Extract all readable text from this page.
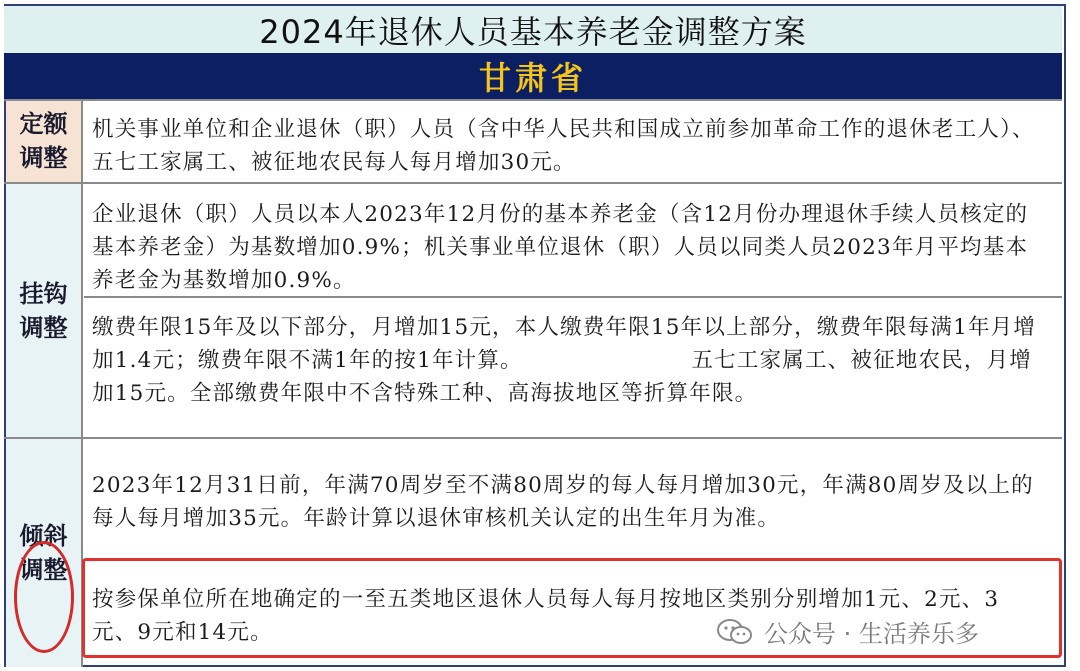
2024年退休人员基本养老金调整方案
甘肃省
定额调整
挂钩调整
倾斜调整
机关事业单位和企业退休（职）人员（含中华人民共和国成立前参加革命工作的退休老工人）、五七工家属工、被征地农民每人每月增加30元。
企业退休（职）人员以本人2023年12月份的基本养老金（含12月份办理退休手续人员核定的基本养老金）为基数增加0.9%；机关事业单位退休（职）人员以同类人员2023年月平均基本养老金为基数增加0.9%。
缴费年限15年及以下部分，月增加15元，本人缴费年限15年以上部分，缴费年限每满1年月增加1.4元；缴费年限不满1年的按1年计算。                     五七工家属工、被征地农民，月增加15元。全部缴费年限中不含特殊工种、高海拔地区等折算年限。
2023年12月31日前，年满70周岁至不满80周岁的每人每月增加30元，年满80周岁及以上的每人每月增加35元。年龄计算以退休审核机关认定的出生年月为准。
按参保单位所在地确定的一至五类地区退休人员每人每月按地区类别分别增加1元、2元、3元、9元和14元。	公众号 · 生活养乐多
